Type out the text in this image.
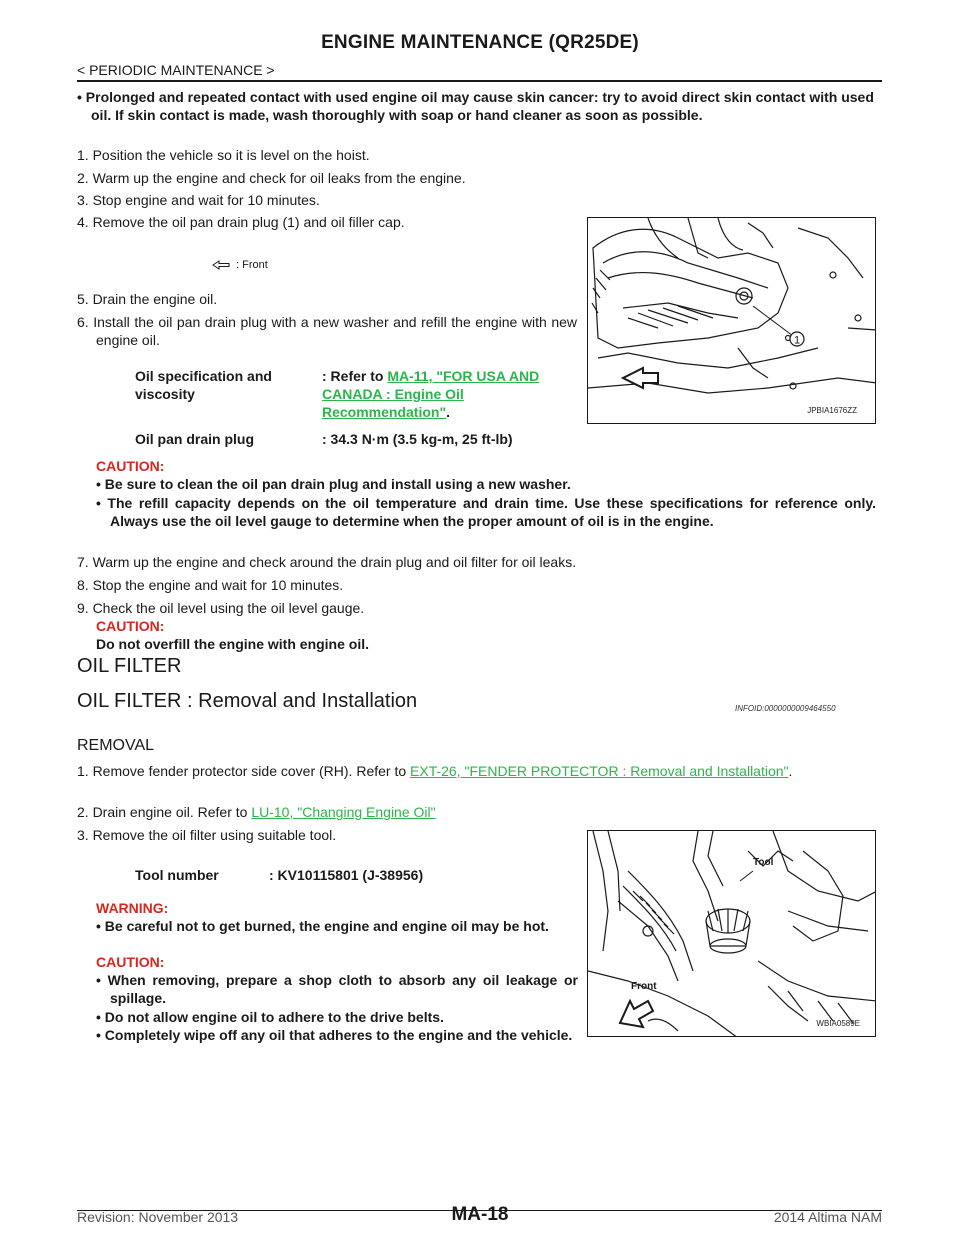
ENGINE MAINTENANCE (QR25DE)
< PERIODIC MAINTENANCE >
• Prolonged and repeated contact with used engine oil may cause skin cancer: try to avoid direct skin contact with used oil. If skin contact is made, wash thoroughly with soap or hand cleaner as soon as possible.
1. Position the vehicle so it is level on the hoist.
2. Warm up the engine and check for oil leaks from the engine.
3. Stop engine and wait for 10 minutes.
4. Remove the oil pan drain plug (1) and oil filler cap.
: Front
5. Drain the engine oil.
6. Install the oil pan drain plug with a new washer and refill the engine with new engine oil.	1
JPBIA1676ZZ
Oil specification and viscosity
: Refer to MA-11, "FOR USA AND CANADA : Engine Oil Recommendation".
Oil pan drain plug	: 34.3 N·m (3.5 kg-m, 25 ft-lb)
CAUTION:
• Be sure to clean the oil pan drain plug and install using a new washer.
• The refill capacity depends on the oil temperature and drain time. Use these specifications for reference only. Always use the oil level gauge to determine when the proper amount of oil is in the engine.
7. Warm up the engine and check around the drain plug and oil filter for oil leaks.
8. Stop the engine and wait for 10 minutes.
9. Check the oil level using the oil level gauge.
CAUTION:
Do not overfill the engine with engine oil.
OIL FILTER
OIL FILTER : Removal and Installation	INFOID:0000000009464550
REMOVAL
1. Remove fender protector side cover (RH). Refer to EXT-26, "FENDER PROTECTOR : Removal and Installation".
2. Drain engine oil. Refer to LU-10, "Changing Engine Oil"
3. Remove the oil filter using suitable tool.
Tool number	: KV10115801 (J-38956)
WARNING:
• Be careful not to get burned, the engine and engine oil may be hot.
CAUTION:
• When removing, prepare a shop cloth to absorb any oil leakage or spillage.
• Do not allow engine oil to adhere to the drive belts.
• Completely wipe off any oil that adheres to the engine and the vehicle.
Tool
Front
WBIA0589E
Revision: November 2013	MA-18	2014 Altima NAM
